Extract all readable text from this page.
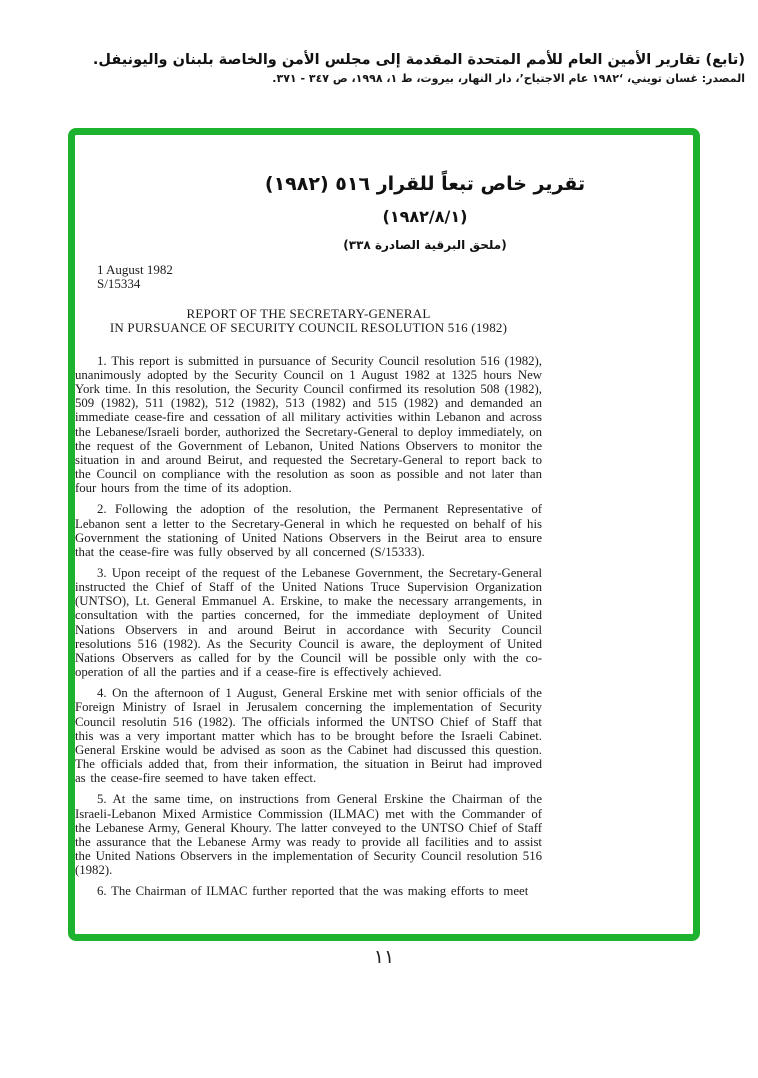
(تابع) تقارير الأمين العام للأمم المتحدة المقدمة إلى مجلس الأمن والخاصة بلبنان واليونيفل.
المصدر: غسان تويني، ‘١٩٨٢ عام الاجتياح’، دار النهار، بيروت، ط ١، ١٩٩٨، ص ٣٤٧ - ٣٧١.
تقرير خاص تبعاً للقرار ٥١٦ (١٩٨٢)
(١٩٨٢/٨/١)
(ملحق البرقية الصادرة ٣٣٨)
1 August 1982
S/15334
REPORT OF THE SECRETARY-GENERAL
IN PURSUANCE OF SECURITY COUNCIL RESOLUTION 516 (1982)

1. This report is submitted in pursuance of Security Council resolution 516 (1982), unanimously adopted by the Security Council on 1 August 1982 at 1325 hours New York time. In this resolution, the Security Council confirmed its resolution 508 (1982), 509 (1982), 511 (1982), 512 (1982), 513 (1982) and 515 (1982) and demanded an immediate cease-fire and cessation of all military activities within Lebanon and across the Lebanese/Israeli border, authorized the Secretary-General to deploy immediately, on the request of the Government of Lebanon, United Nations Observers to monitor the situation in and around Beirut, and requested the Secretary-General to report back to the Council on compliance with the resolution as soon as possible and not later than four hours from the time of its adoption.

2. Following the adoption of the resolution, the Permanent Representative of Lebanon sent a letter to the Secretary-General in which he requested on behalf of his Government the stationing of United Nations Observers in the Beirut area to ensure that the cease-fire was fully observed by all concerned (S/15333).

3. Upon receipt of the request of the Lebanese Government, the Secretary-General instructed the Chief of Staff of the United Nations Truce Supervision Organization (UNTSO), Lt. General Emmanuel A. Erskine, to make the necessary arrangements, in consultation with the parties concerned, for the immediate deployment of United Nations Observers in and around Beirut in accordance with Security Council resolutions 516 (1982). As the Security Council is aware, the deployment of United Nations Observers as called for by the Council will be possible only with the co-operation of all the parties and if a cease-fire is effectively achieved.

4. On the afternoon of 1 August, General Erskine met with senior officials of the Foreign Ministry of Israel in Jerusalem concerning the implementation of Security Council resolutin 516 (1982). The officials informed the UNTSO Chief of Staff that this was a very important matter which has to be brought before the Israeli Cabinet. General Erskine would be advised as soon as the Cabinet had discussed this question. The officials added that, from their information, the situation in Beirut had improved as the cease-fire seemed to have taken effect.

5. At the same time, on instructions from General Erskine the Chairman of the Israeli-Lebanon Mixed Armistice Commission (ILMAC) met with the Commander of the Lebanese Army, General Khoury. The latter conveyed to the UNTSO Chief of Staff the assurance that the Lebanese Army was ready to provide all facilities and to assist the United Nations Observers in the implementation of Security Council resolution 516 (1982).

6. The Chairman of ILMAC further reported that the was making efforts to meet

١١
